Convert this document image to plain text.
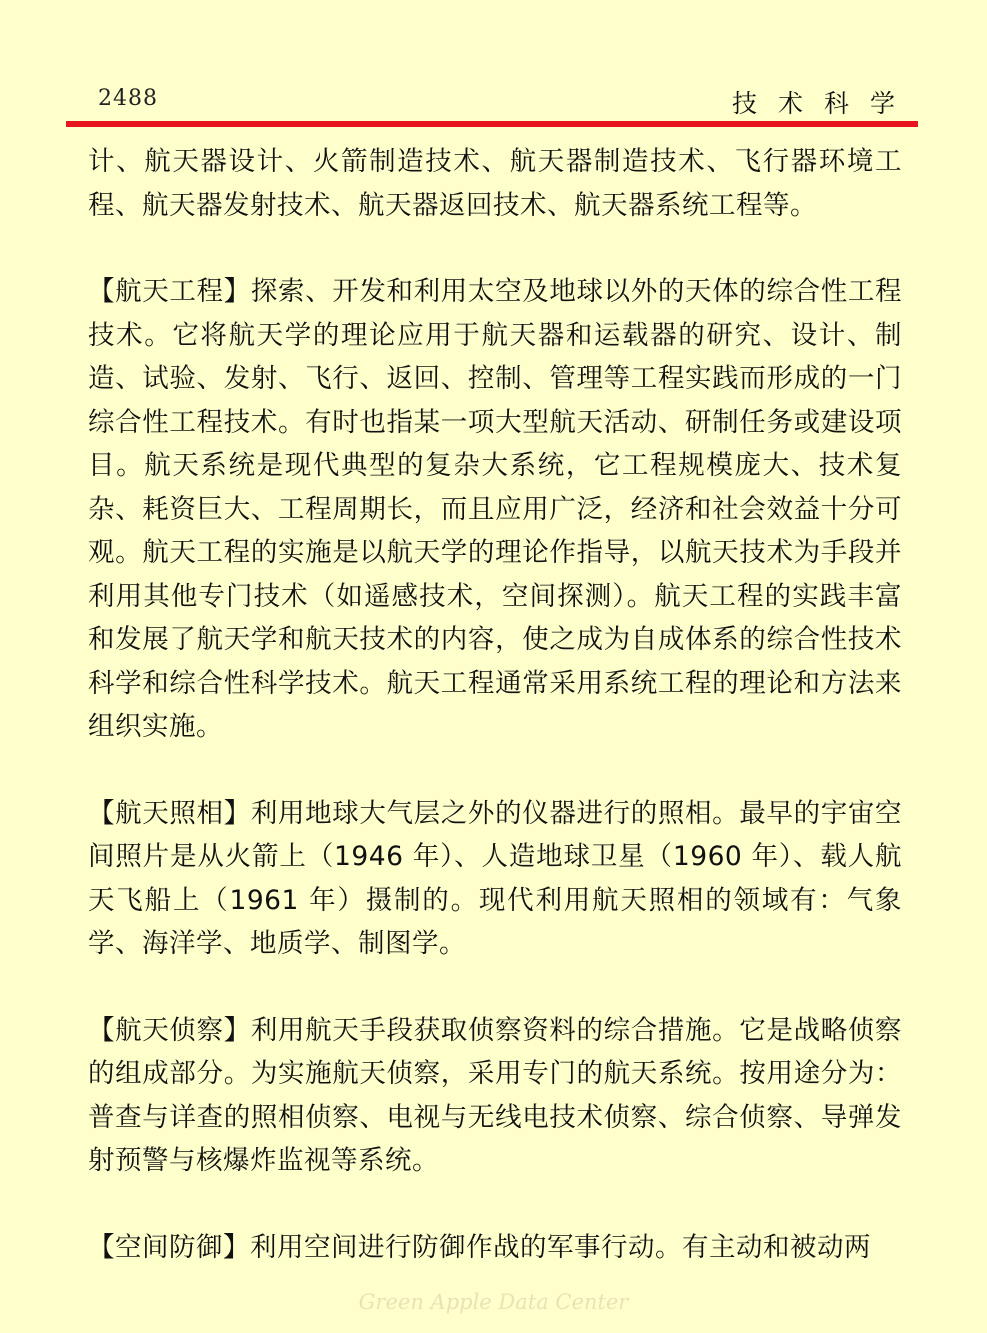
2488	技术科学

计、航天器设计、火箭制造技术、航天器制造技术、飞行器环境工程、航天器发射技术、航天器返回技术、航天器系统工程等。

【航天工程】探索、开发和利用太空及地球以外的天体的综合性工程技术。它将航天学的理论应用于航天器和运载器的研究、设计、制造、试验、发射、飞行、返回、控制、管理等工程实践而形成的一门综合性工程技术。有时也指某一项大型航天活动、研制任务或建设项目。航天系统是现代典型的复杂大系统，它工程规模庞大、技术复杂、耗资巨大、工程周期长，而且应用广泛，经济和社会效益十分可观。航天工程的实施是以航天学的理论作指导，以航天技术为手段并利用其他专门技术（如遥感技术，空间探测）。航天工程的实践丰富和发展了航天学和航天技术的内容，使之成为自成体系的综合性技术科学和综合性科学技术。航天工程通常采用系统工程的理论和方法来组织实施。

【航天照相】利用地球大气层之外的仪器进行的照相。最早的宇宙空间照片是从火箭上（1946 年）、人造地球卫星（1960 年）、载人航天飞船上（1961 年）摄制的。现代利用航天照相的领域有：气象学、海洋学、地质学、制图学。

【航天侦察】利用航天手段获取侦察资料的综合措施。它是战略侦察的组成部分。为实施航天侦察，采用专门的航天系统。按用途分为：普查与详查的照相侦察、电视与无线电技术侦察、综合侦察、导弹发射预警与核爆炸监视等系统。

【空间防御】利用空间进行防御作战的军事行动。有主动和被动两

Green Apple Data Center
